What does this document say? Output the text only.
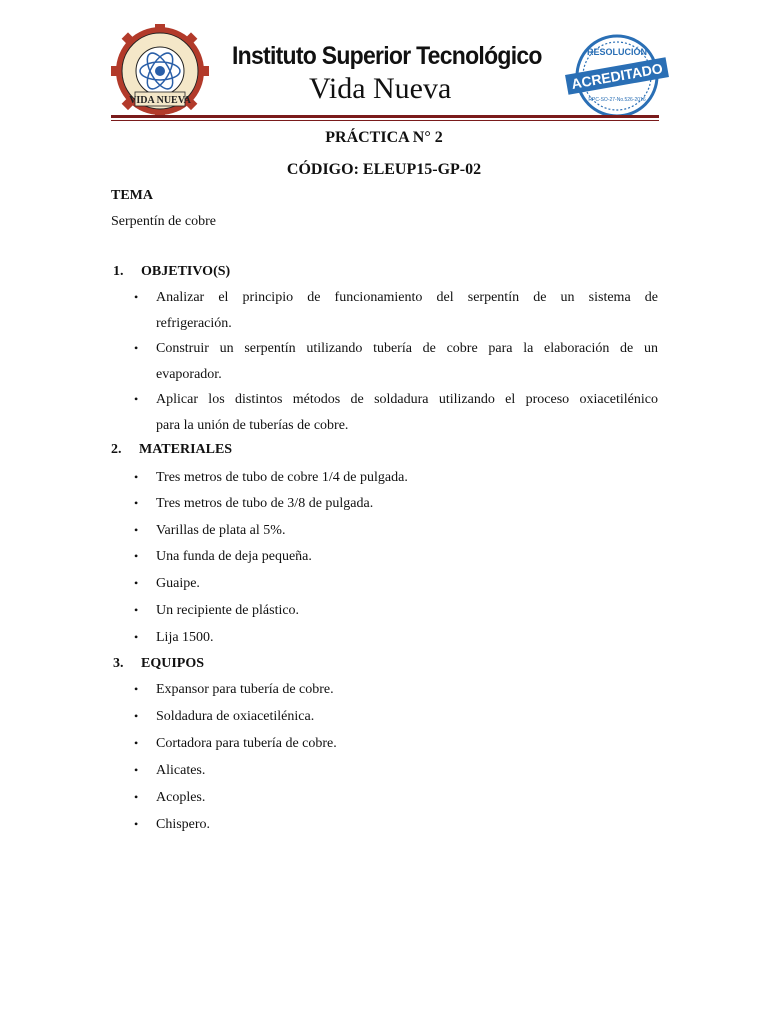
VIDA NUEVA
Instituto Superior Tecnológico
Vida Nueva
RESOLUCIÓN
ACREDITADO
RPC-SO-27-No.526-2016
PRÁCTICA N° 2
CÓDIGO: ELEUP15-GP-02
TEMA
Serpentín de cobre
1. OBJETIVO(S)
• Analizar el principio de funcionamiento del serpentín de un sistema de
refrigeración.
• Construir un serpentín utilizando tubería de cobre para la elaboración de un
evaporador.
• Aplicar los distintos métodos de soldadura utilizando el proceso oxiacetilénico
para la unión de tuberías de cobre.
2. MATERIALES
• Tres metros de tubo de cobre 1/4 de pulgada.
• Tres metros de tubo de 3/8 de pulgada.
• Varillas de plata al 5%.
• Una funda de deja pequeña.
• Guaipe.
• Un recipiente de plástico.
• Lija 1500.
3. EQUIPOS
• Expansor para tubería de cobre.
• Soldadura de oxiacetilénica.
• Cortadora para tubería de cobre.
• Alicates.
• Acoples.
• Chispero.
